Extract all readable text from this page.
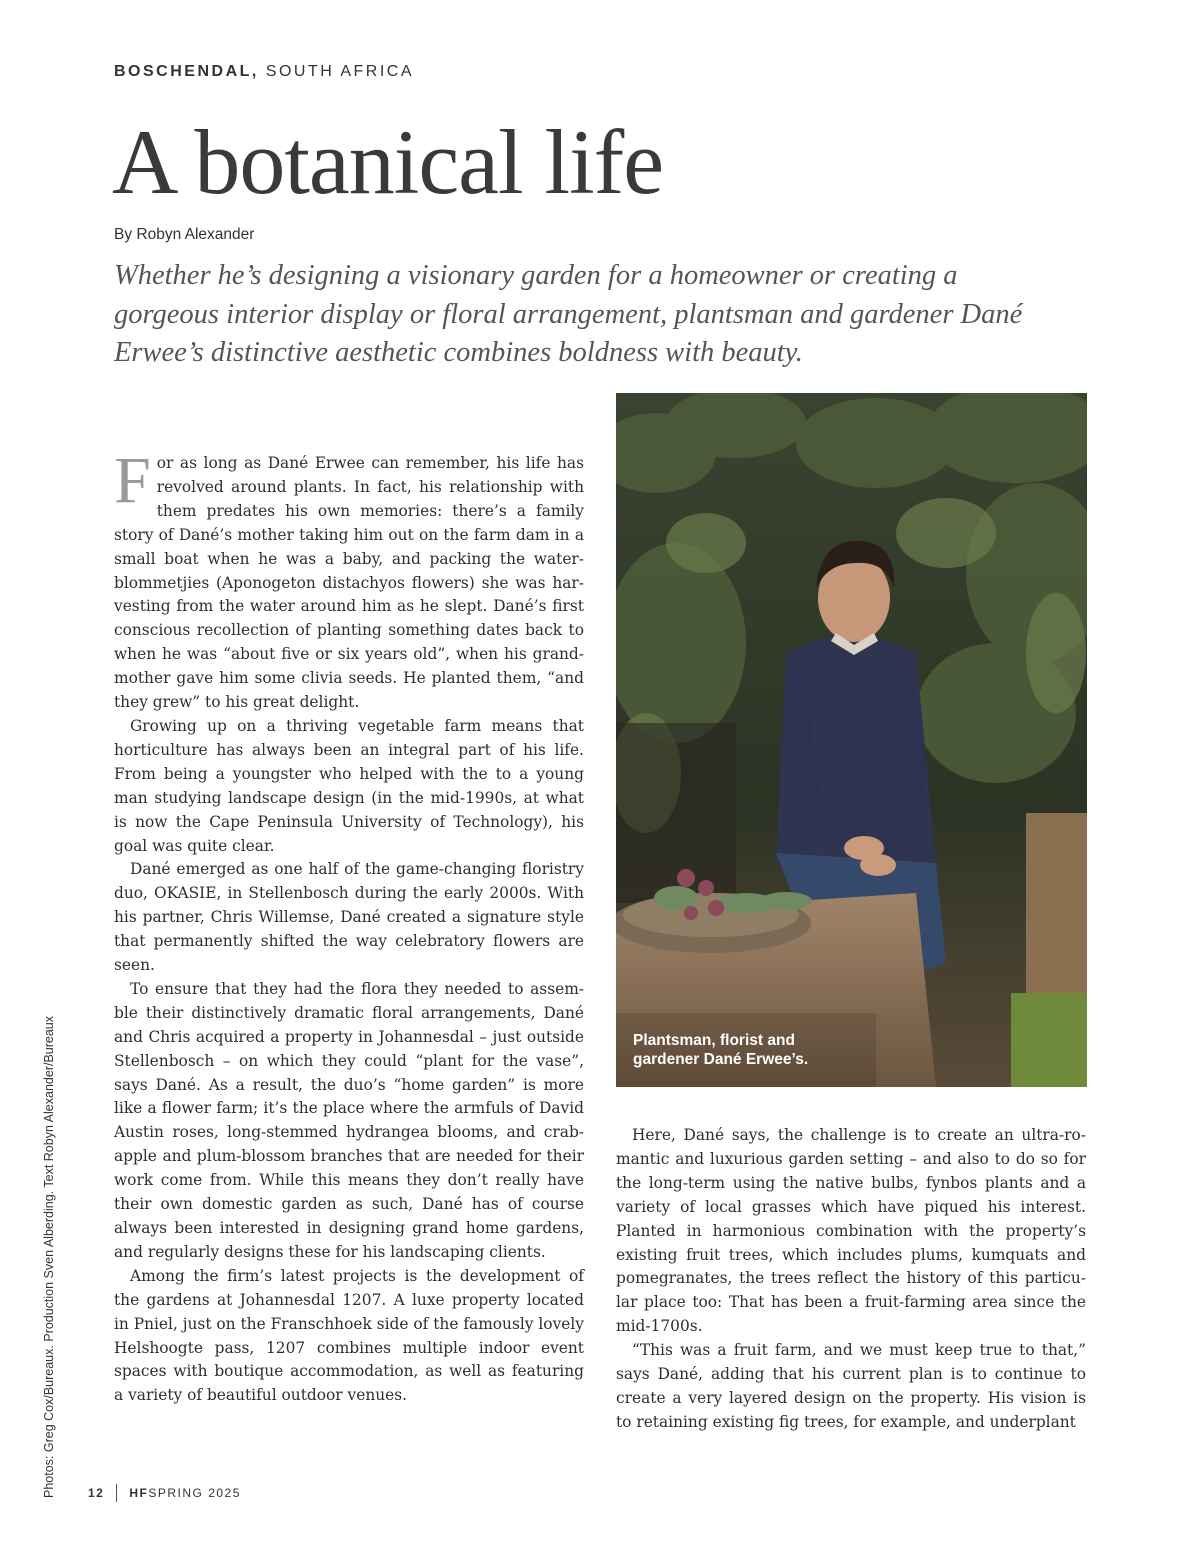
BOSCHENDAL, SOUTH AFRICA
A botanical life
By Robyn Alexander

Whether he’s designing a visionary garden for a homeowner or creating a gorgeous interior display or floral arrangement, plantsman and gardener Dané Erwee’s distinctive aesthetic combines boldness with beauty.

For as long as Dané Erwee can remember, his life has revolved around plants. In fact, his relationship with them predates his own memories: there’s a family story of Dané’s mother taking him out on the farm dam in a small boat when he was a baby, and packing the waterblommetjies (Aponogeton distachyos flowers) she was harvesting from the water around him as he slept. Dané’s first conscious recollection of planting something dates back to when he was “about five or six years old”, when his grandmother gave him some clivia seeds. He planted them, “and they grew” to his great delight.

Growing up on a thriving vegetable farm means that horticulture has always been an integral part of his life. From being a youngster who helped with the to a young man studying landscape design (in the mid-1990s, at what is now the Cape Peninsula University of Technology), his goal was quite clear.

Dané emerged as one half of the game-changing floristry duo, OKASIE, in Stellenbosch during the early 2000s. With his partner, Chris Willemse, Dané created a signature style that permanently shifted the way celebratory flowers are seen.

To ensure that they had the flora they needed to assemble their distinctively dramatic floral arrangements, Dané and Chris acquired a property in Johannesdal – just outside Stellenbosch – on which they could “plant for the vase”, says Dané. As a result, the duo’s “home garden” is more like a flower farm; it’s the place where the armfuls of David Austin roses, long-stemmed hydrangea blooms, and crab-apple and plum-blossom branches that are needed for their work come from. While this means they don’t really have their own domestic garden as such, Dané has of course always been interested in designing grand home gardens, and regularly designs these for his landscaping clients.

Among the firm’s latest projects is the development of the gardens at Johannesdal 1207. A luxe property located in Pniel, just on the Franschhoek side of the famously lovely Helshoogte pass, 1207 combines multiple indoor event spaces with boutique accommodation, as well as featuring a variety of beautiful outdoor venues.

Plantsman, florist and gardener Dané Erwee’s.

Here, Dané says, the challenge is to create an ultra-romantic and luxurious garden setting – and also to do so for the long-term using the native bulbs, fynbos plants and a variety of local grasses which have piqued his interest. Planted in harmonious combination with the property’s existing fruit trees, which includes plums, kumquats and pomegranates, the trees reflect the history of this particular place too: That has been a fruit-farming area since the mid-1700s.

“This was a fruit farm, and we must keep true to that,” says Dané, adding that his current plan is to continue to create a very layered design on the property. His vision is to retaining existing fig trees, for example, and underplant

Photos: Greg Cox/Bureaux. Production Sven Alberding. Text Robyn Alexander/Bureaux	12 HF SPRING 2025
